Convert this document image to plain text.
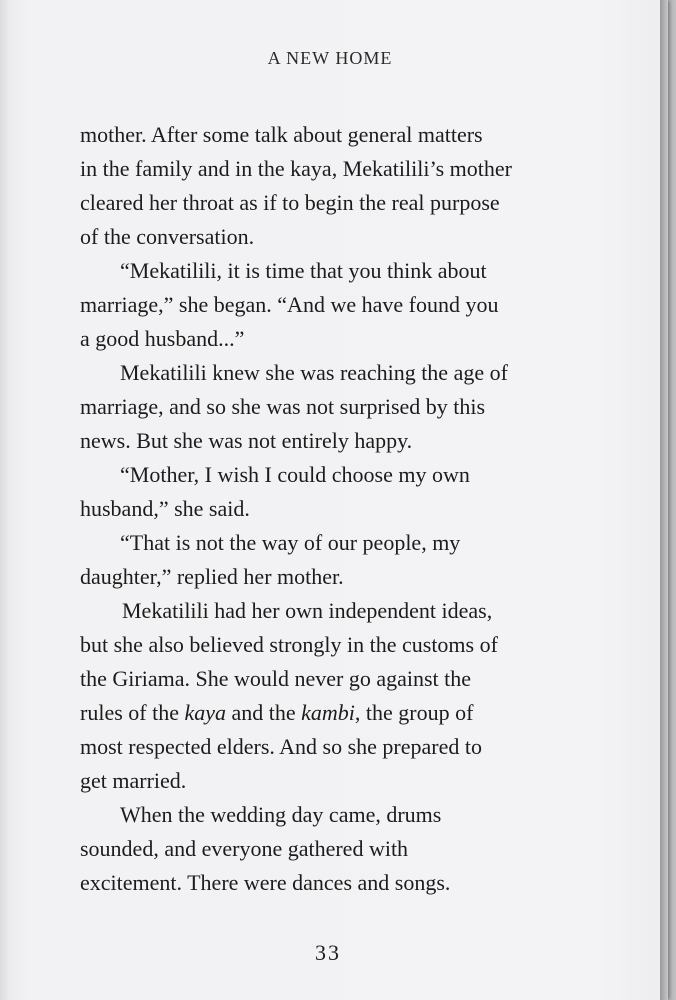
A NEW HOME
mother. After some talk about general matters
in the family and in the kaya, Mekatilili’s mother
cleared her throat as if to begin the real purpose
of the conversation.
“Mekatilili, it is time that you think about
marriage,” she began. “And we have found you
a good husband...”
Mekatilili knew she was reaching the age of
marriage, and so she was not surprised by this
news. But she was not entirely happy.
“Mother, I wish I could choose my own
husband,” she said.
“That is not the way of our people, my
daughter,” replied her mother.
Mekatilili had her own independent ideas,
but she also believed strongly in the customs of
the Giriama. She would never go against the
rules of the kaya and the kambi, the group of
most respected elders. And so she prepared to
get married.
When the wedding day came, drums
sounded, and everyone gathered with
excitement. There were dances and songs.
33
